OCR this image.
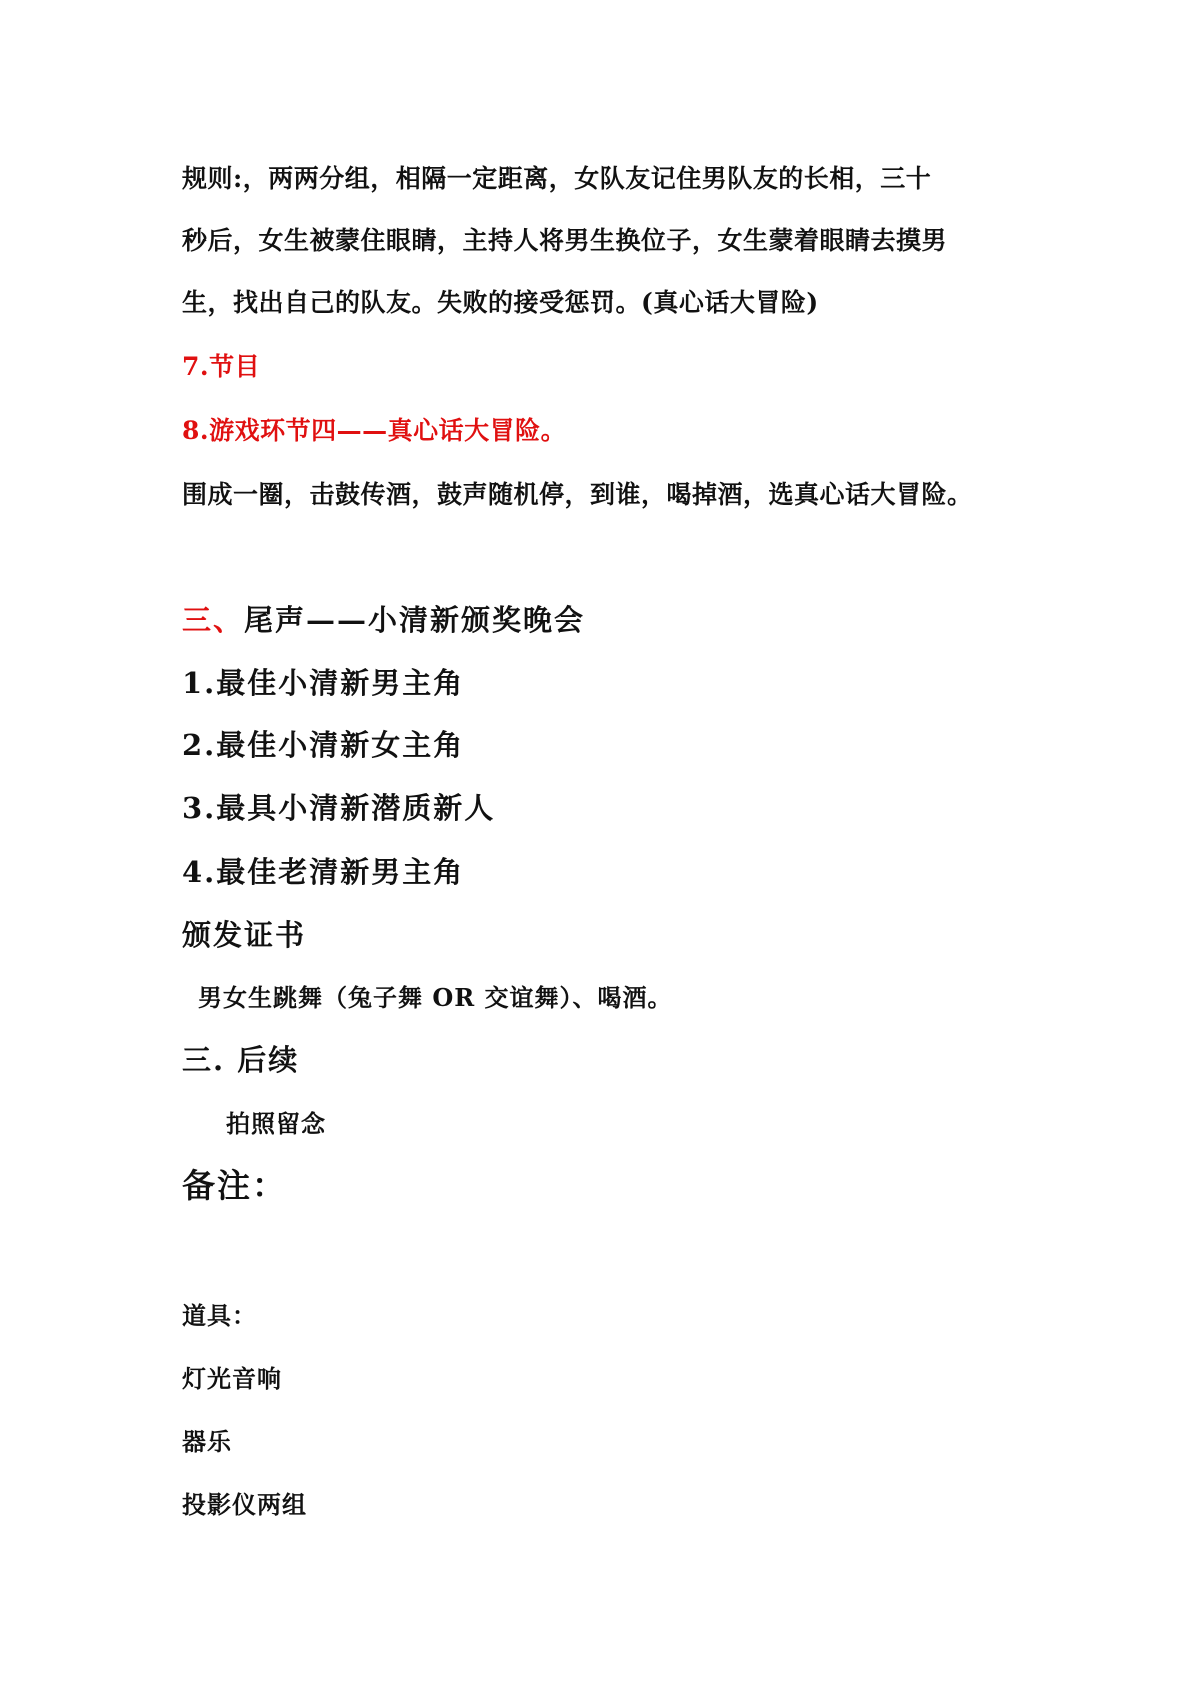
规则:，两两分组，相隔一定距离，女队友记住男队友的长相，三十

秒后，女生被蒙住眼睛，主持人将男生换位子，女生蒙着眼睛去摸男

生，找出自己的队友。失败的接受惩罚。(真心话大冒险)

7.节目

8.游戏环节四——真心话大冒险。

围成一圈，击鼓传酒，鼓声随机停，到谁，喝掉酒，选真心话大冒险。

三、尾声——小清新颁奖晚会

1.最佳小清新男主角

2.最佳小清新女主角

3.最具小清新潜质新人

4.最佳老清新男主角

颁发证书

男女生跳舞（兔子舞 OR 交谊舞）、喝酒。

三. 后续

拍照留念

备注：

道具：

灯光音响

器乐

投影仪两组
